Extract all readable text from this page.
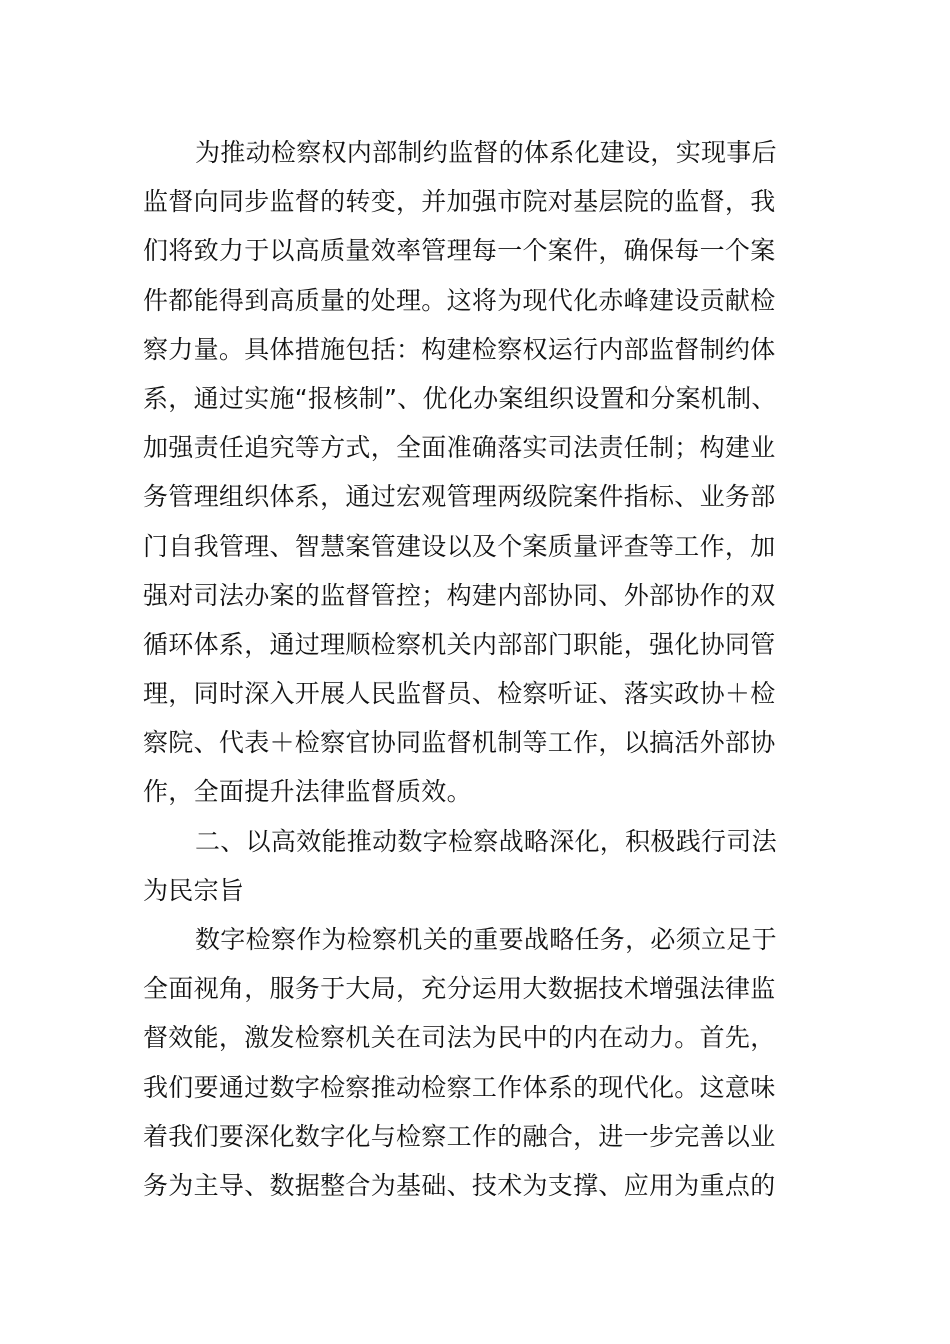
为推动检察权内部制约监督的体系化建设，实现事后
监督向同步监督的转变，并加强市院对基层院的监督，我
们将致力于以高质量效率管理每一个案件，确保每一个案
件都能得到高质量的处理。这将为现代化赤峰建设贡献检
察力量。具体措施包括：构建检察权运行内部监督制约体
系，通过实施“报核制”、优化办案组织设置和分案机制、
加强责任追究等方式，全面准确落实司法责任制；构建业
务管理组织体系，通过宏观管理两级院案件指标、业务部
门自我管理、智慧案管建设以及个案质量评查等工作，加
强对司法办案的监督管控；构建内部协同、外部协作的双
循环体系，通过理顺检察机关内部部门职能，强化协同管
理，同时深入开展人民监督员、检察听证、落实政协＋检
察院、代表＋检察官协同监督机制等工作，以搞活外部协
作，全面提升法律监督质效。
二、以高效能推动数字检察战略深化，积极践行司法
为民宗旨
数字检察作为检察机关的重要战略任务，必须立足于
全面视角，服务于大局，充分运用大数据技术增强法律监
督效能，激发检察机关在司法为民中的内在动力。首先，
我们要通过数字检察推动检察工作体系的现代化。这意味
着我们要深化数字化与检察工作的融合，进一步完善以业
务为主导、数据整合为基础、技术为支撑、应用为重点的
